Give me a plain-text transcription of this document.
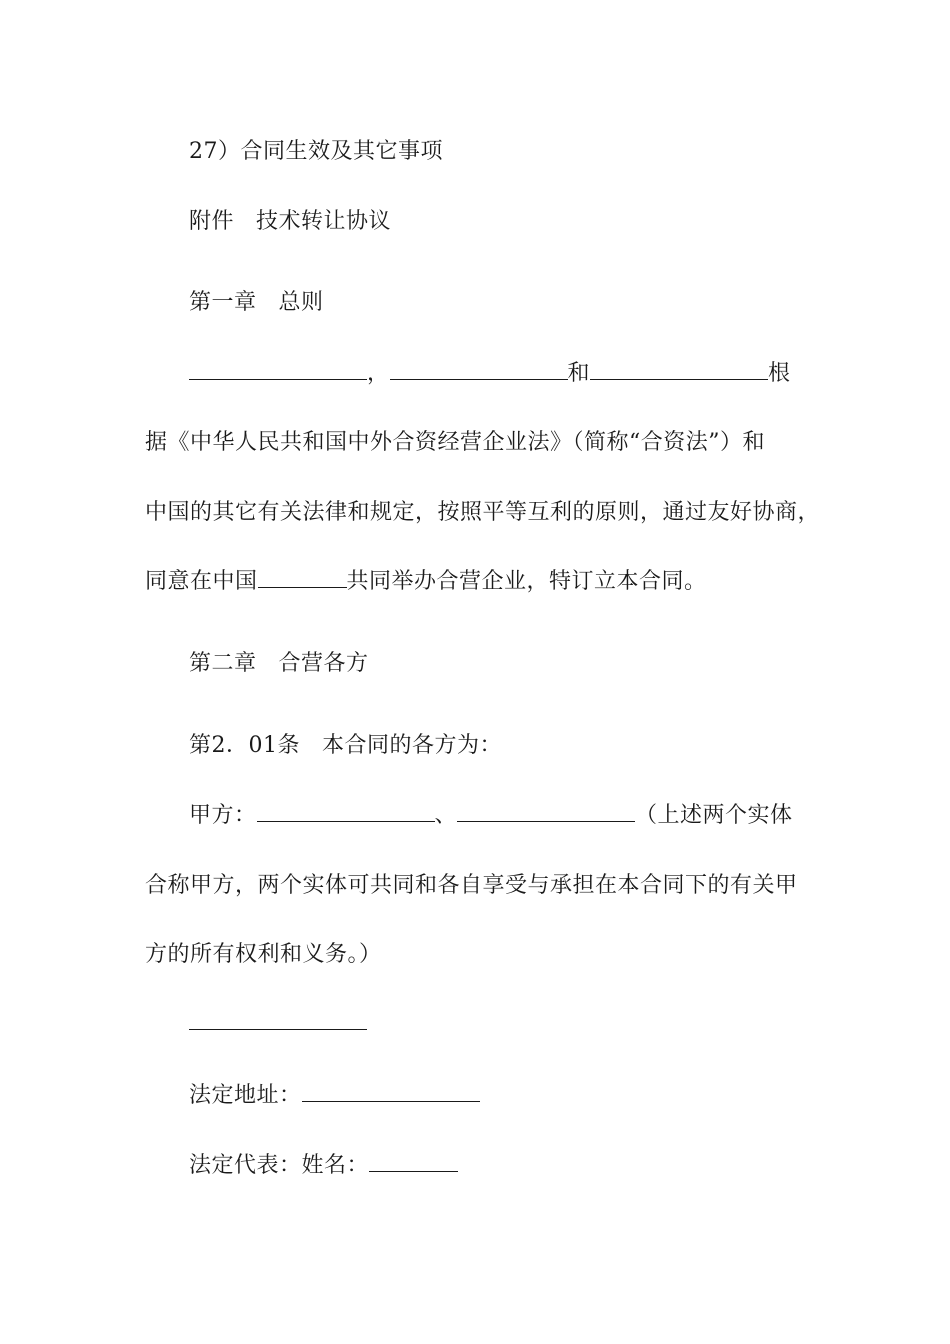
27）合同生效及其它事项
附件 技术转让协议
第一章 总则
，	和	根
据《中华人民共和国中外合资经营企业法》（简称“合资法”）和
中国的其它有关法律和规定，按照平等互利的原则，通过友好协商，
同意在中国	共同举办合营企业，特订立本合同。
第二章 合营各方
第2．01条 本合同的各方为：
甲方：	、	（上述两个实体
合称甲方，两个实体可共同和各自享受与承担在本合同下的有关甲
方的所有权利和义务。）
法定地址：
法定代表：姓名：
